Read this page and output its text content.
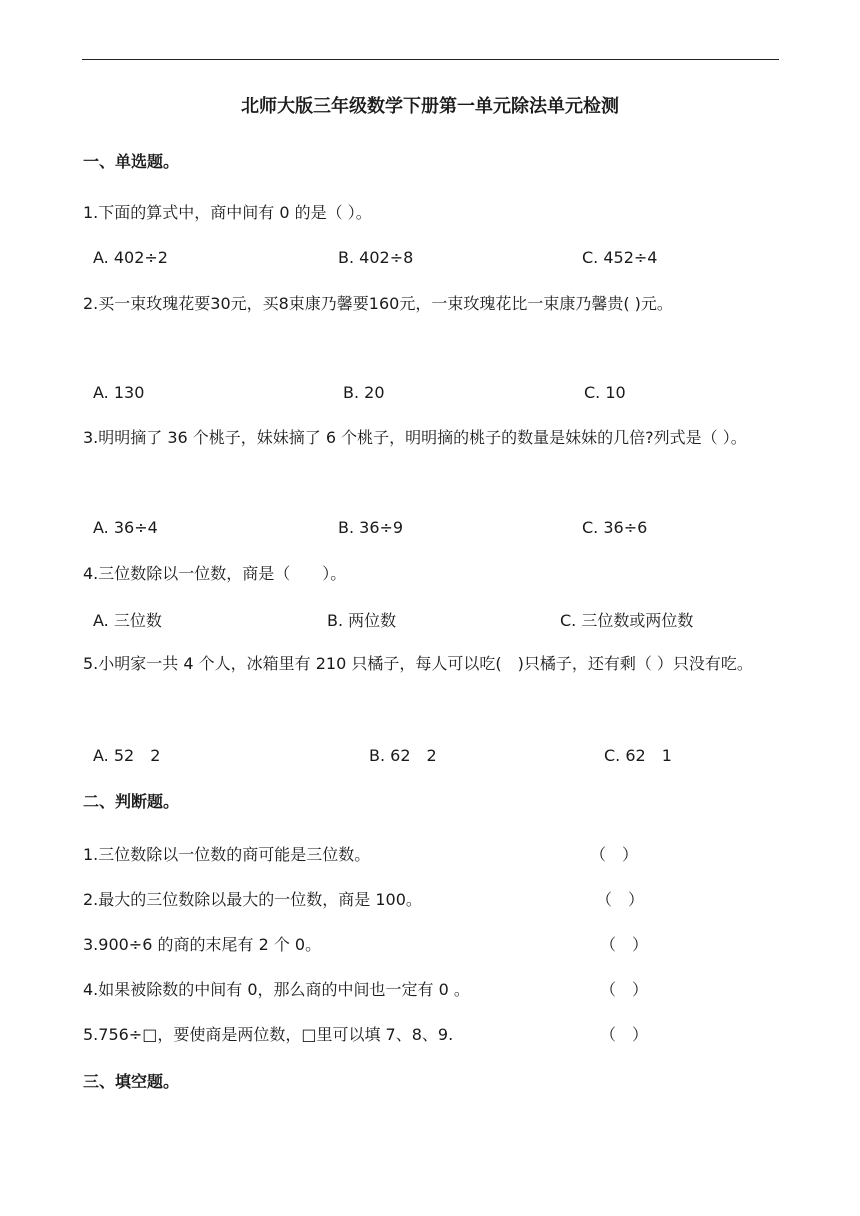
北师大版三年级数学下册第一单元除法单元检测
一、单选题。
1.下面的算式中，商中间有 0 的是（ ）。
A. 402÷2	B. 402÷8	C. 452÷4
2.买一束玫瑰花要30元，买8束康乃馨要160元，一束玫瑰花比一束康乃馨贵( )元。
A. 130	B. 20	C. 10
3.明明摘了 36 个桃子，妹妹摘了 6 个桃子，明明摘的桃子的数量是妹妹的几倍?列式是（ ）。
A. 36÷4	B. 36÷9	C. 36÷6
4.三位数除以一位数，商是（　　）。
A. 三位数	B. 两位数	C. 三位数或两位数
5.小明家一共 4 个人，冰箱里有 210 只橘子，每人可以吃(　)只橘子，还有剩（ ）只没有吃。
A. 52　2	B. 62　2	C. 62　1
二、判断题。
1.三位数除以一位数的商可能是三位数。	（　）
2.最大的三位数除以最大的一位数，商是 100。	（　）
3.900÷6 的商的末尾有 2 个 0。	（　）
4.如果被除数的中间有 0，那么商的中间也一定有 0 。	（　）
5.756÷□，要使商是两位数，□里可以填 7、8、9.	（　）
三、填空题。
